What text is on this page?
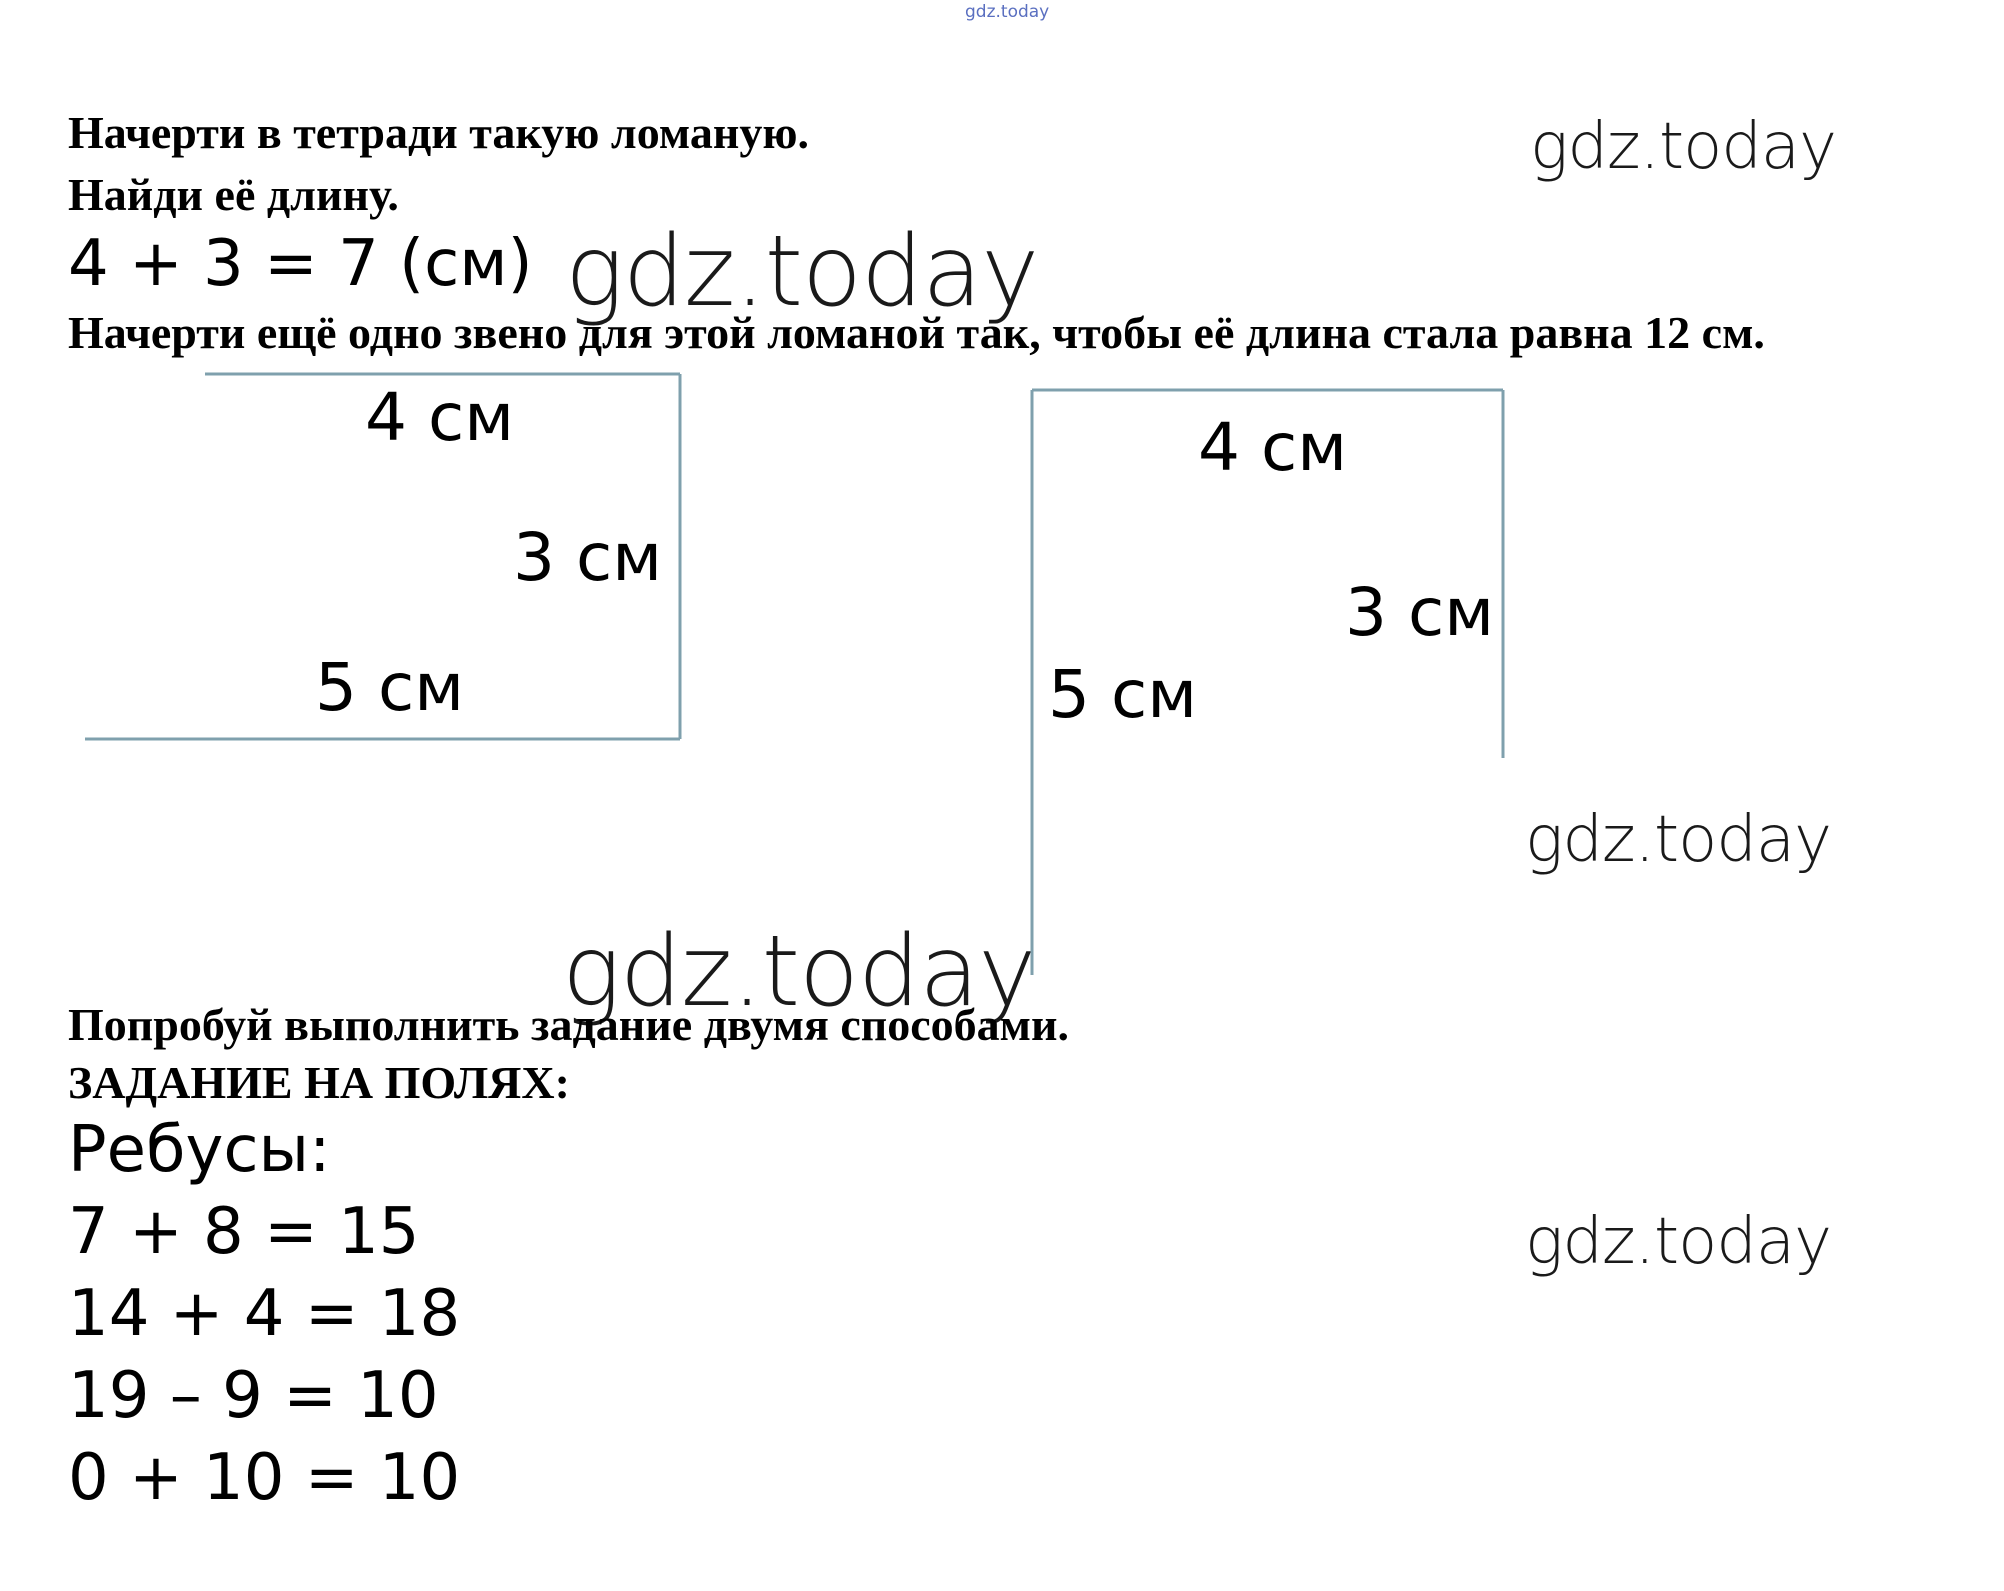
gdz.today
Начерти в тетради такую ломаную.
Найди её длину.
4 + 3 = 7 (см)
Начерти ещё одно звено для этой ломаной так, чтобы её длина стала равна 12 см.
gdz.today
gdz.today
gdz.today
gdz.today
gdz.today
4 см
3 см
5 см
4 см
3 см
5 см
Попробуй выполнить задание двумя способами.
ЗАДАНИЕ НА ПОЛЯХ:
Ребусы:
7 + 8 = 15
14 + 4 = 18
19 – 9 = 10
0 + 10 = 10
